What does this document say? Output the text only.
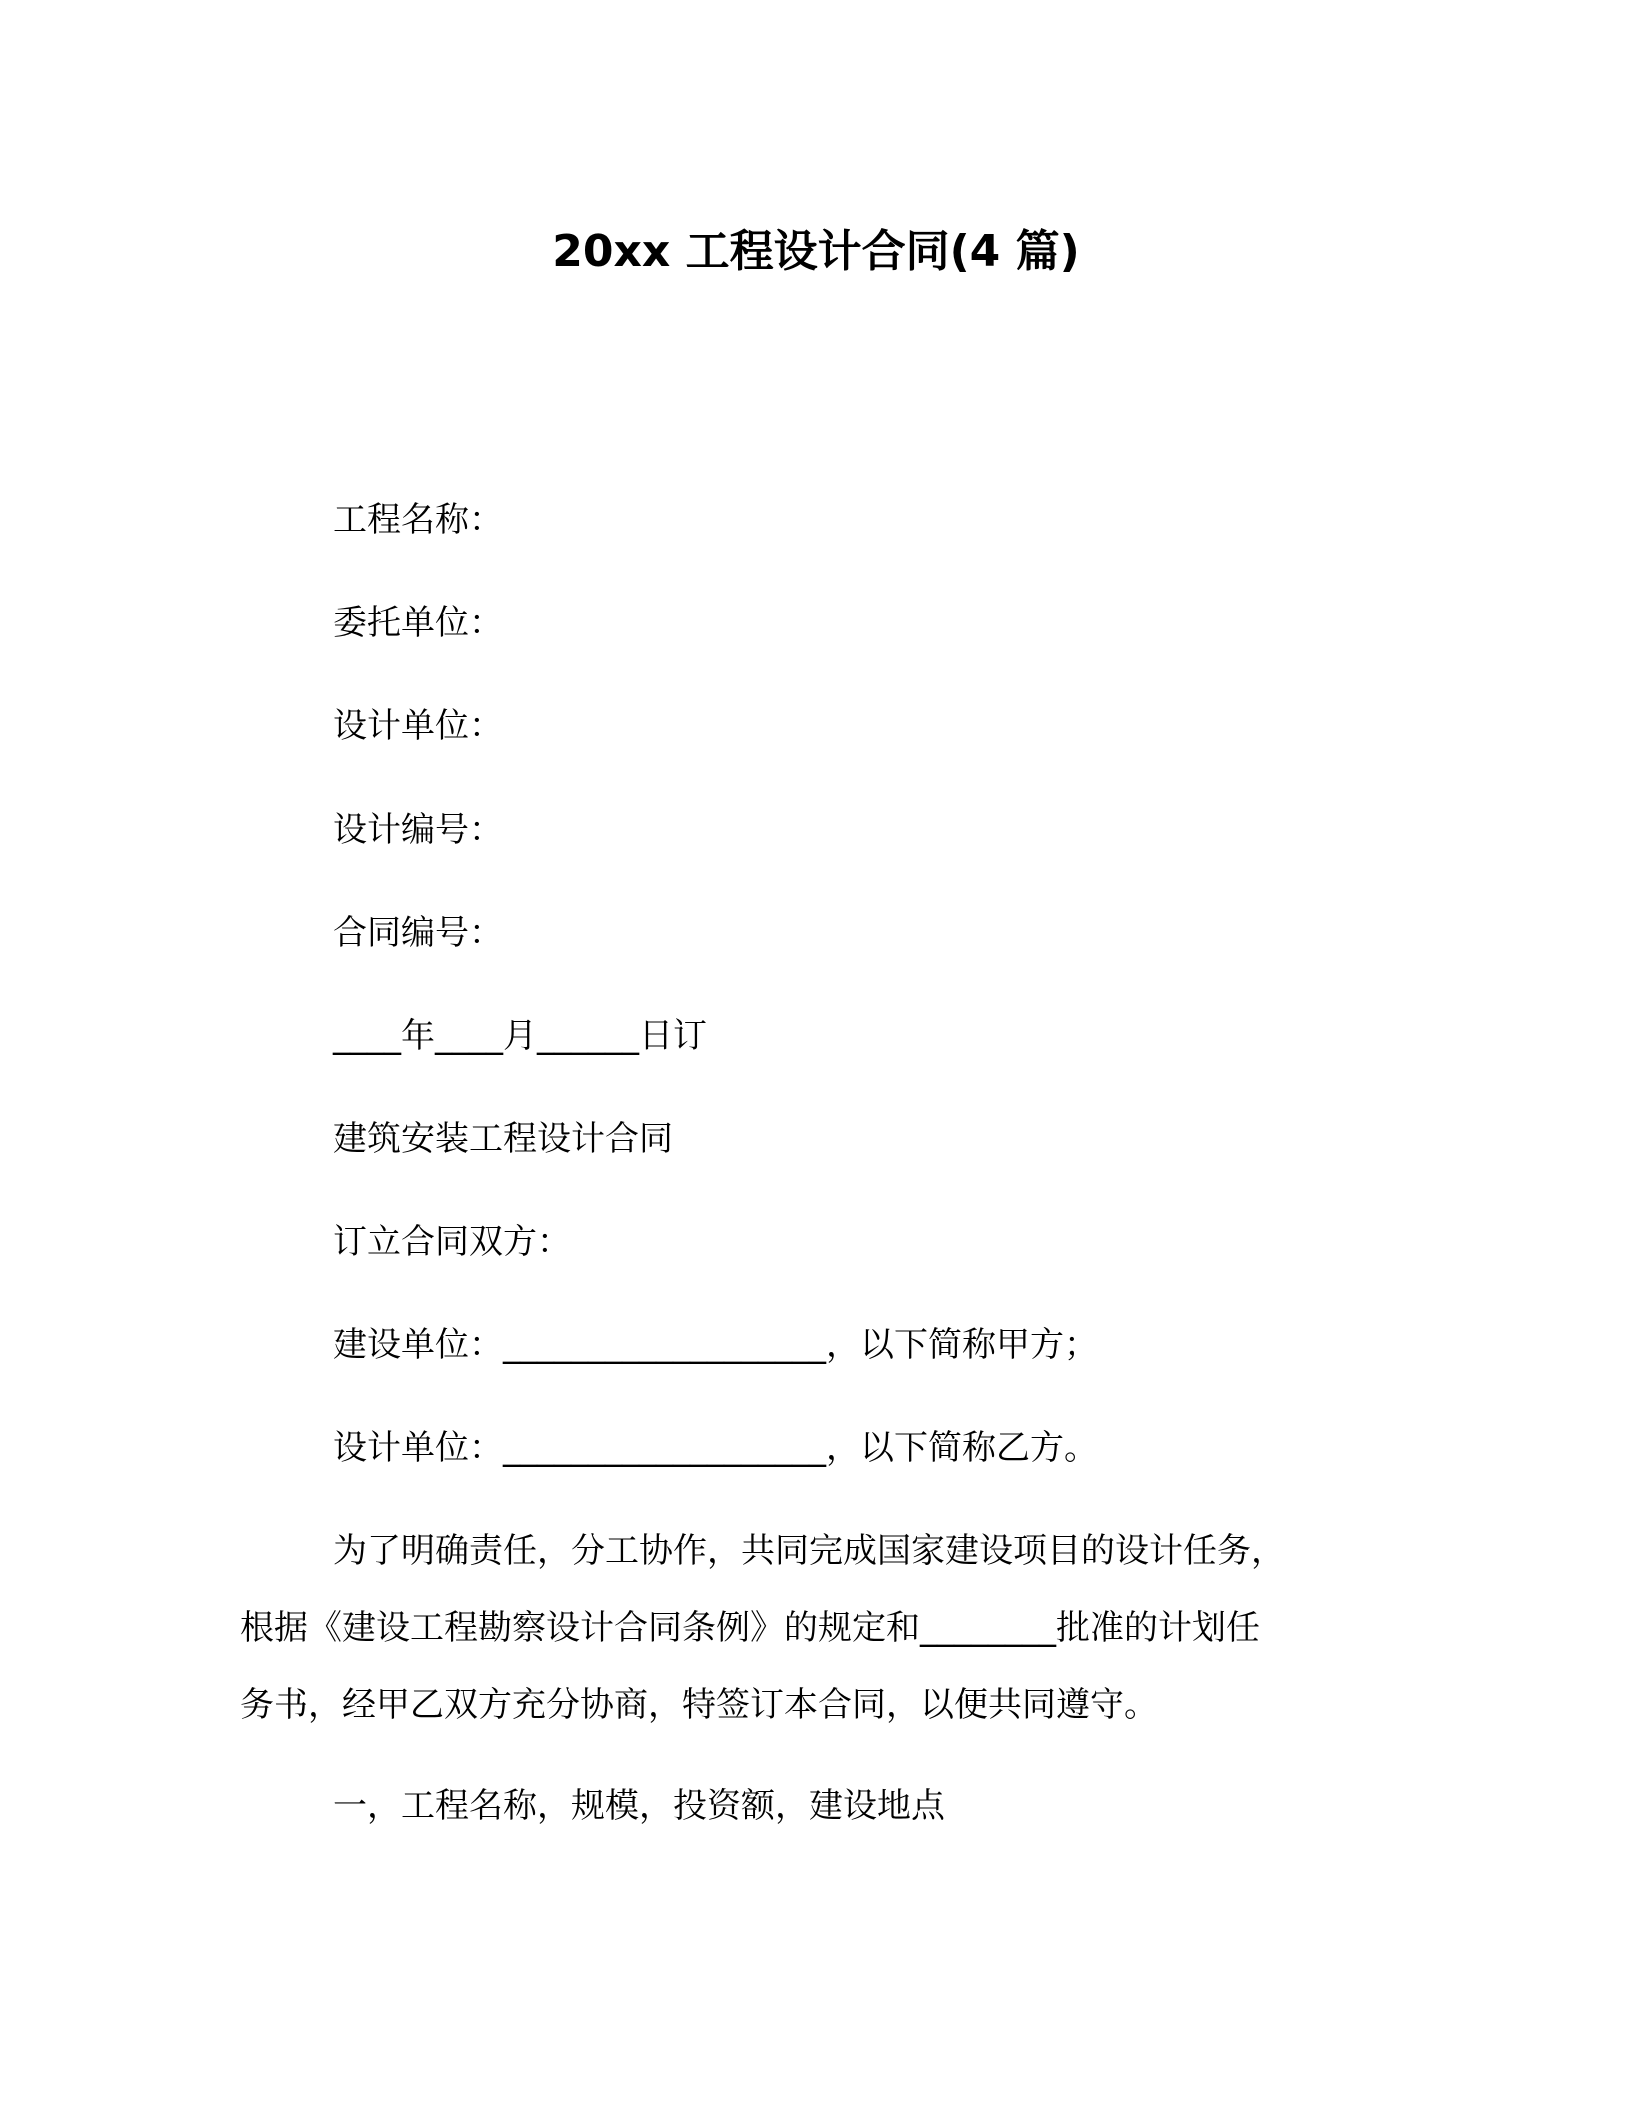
20xx 工程设计合同(4 篇)
工程名称：
委托单位：
设计单位：
设计编号：
合同编号：
____年____月______日订
建筑安装工程设计合同
订立合同双方：
建设单位：___________________，以下简称甲方；
设计单位：___________________，以下简称乙方。
为了明确责任，分工协作，共同完成国家建设项目的设计任务，
根据《建设工程勘察设计合同条例》的规定和________批准的计划任
务书，经甲乙双方充分协商，特签订本合同，以便共同遵守。
一，工程名称，规模，投资额，建设地点
